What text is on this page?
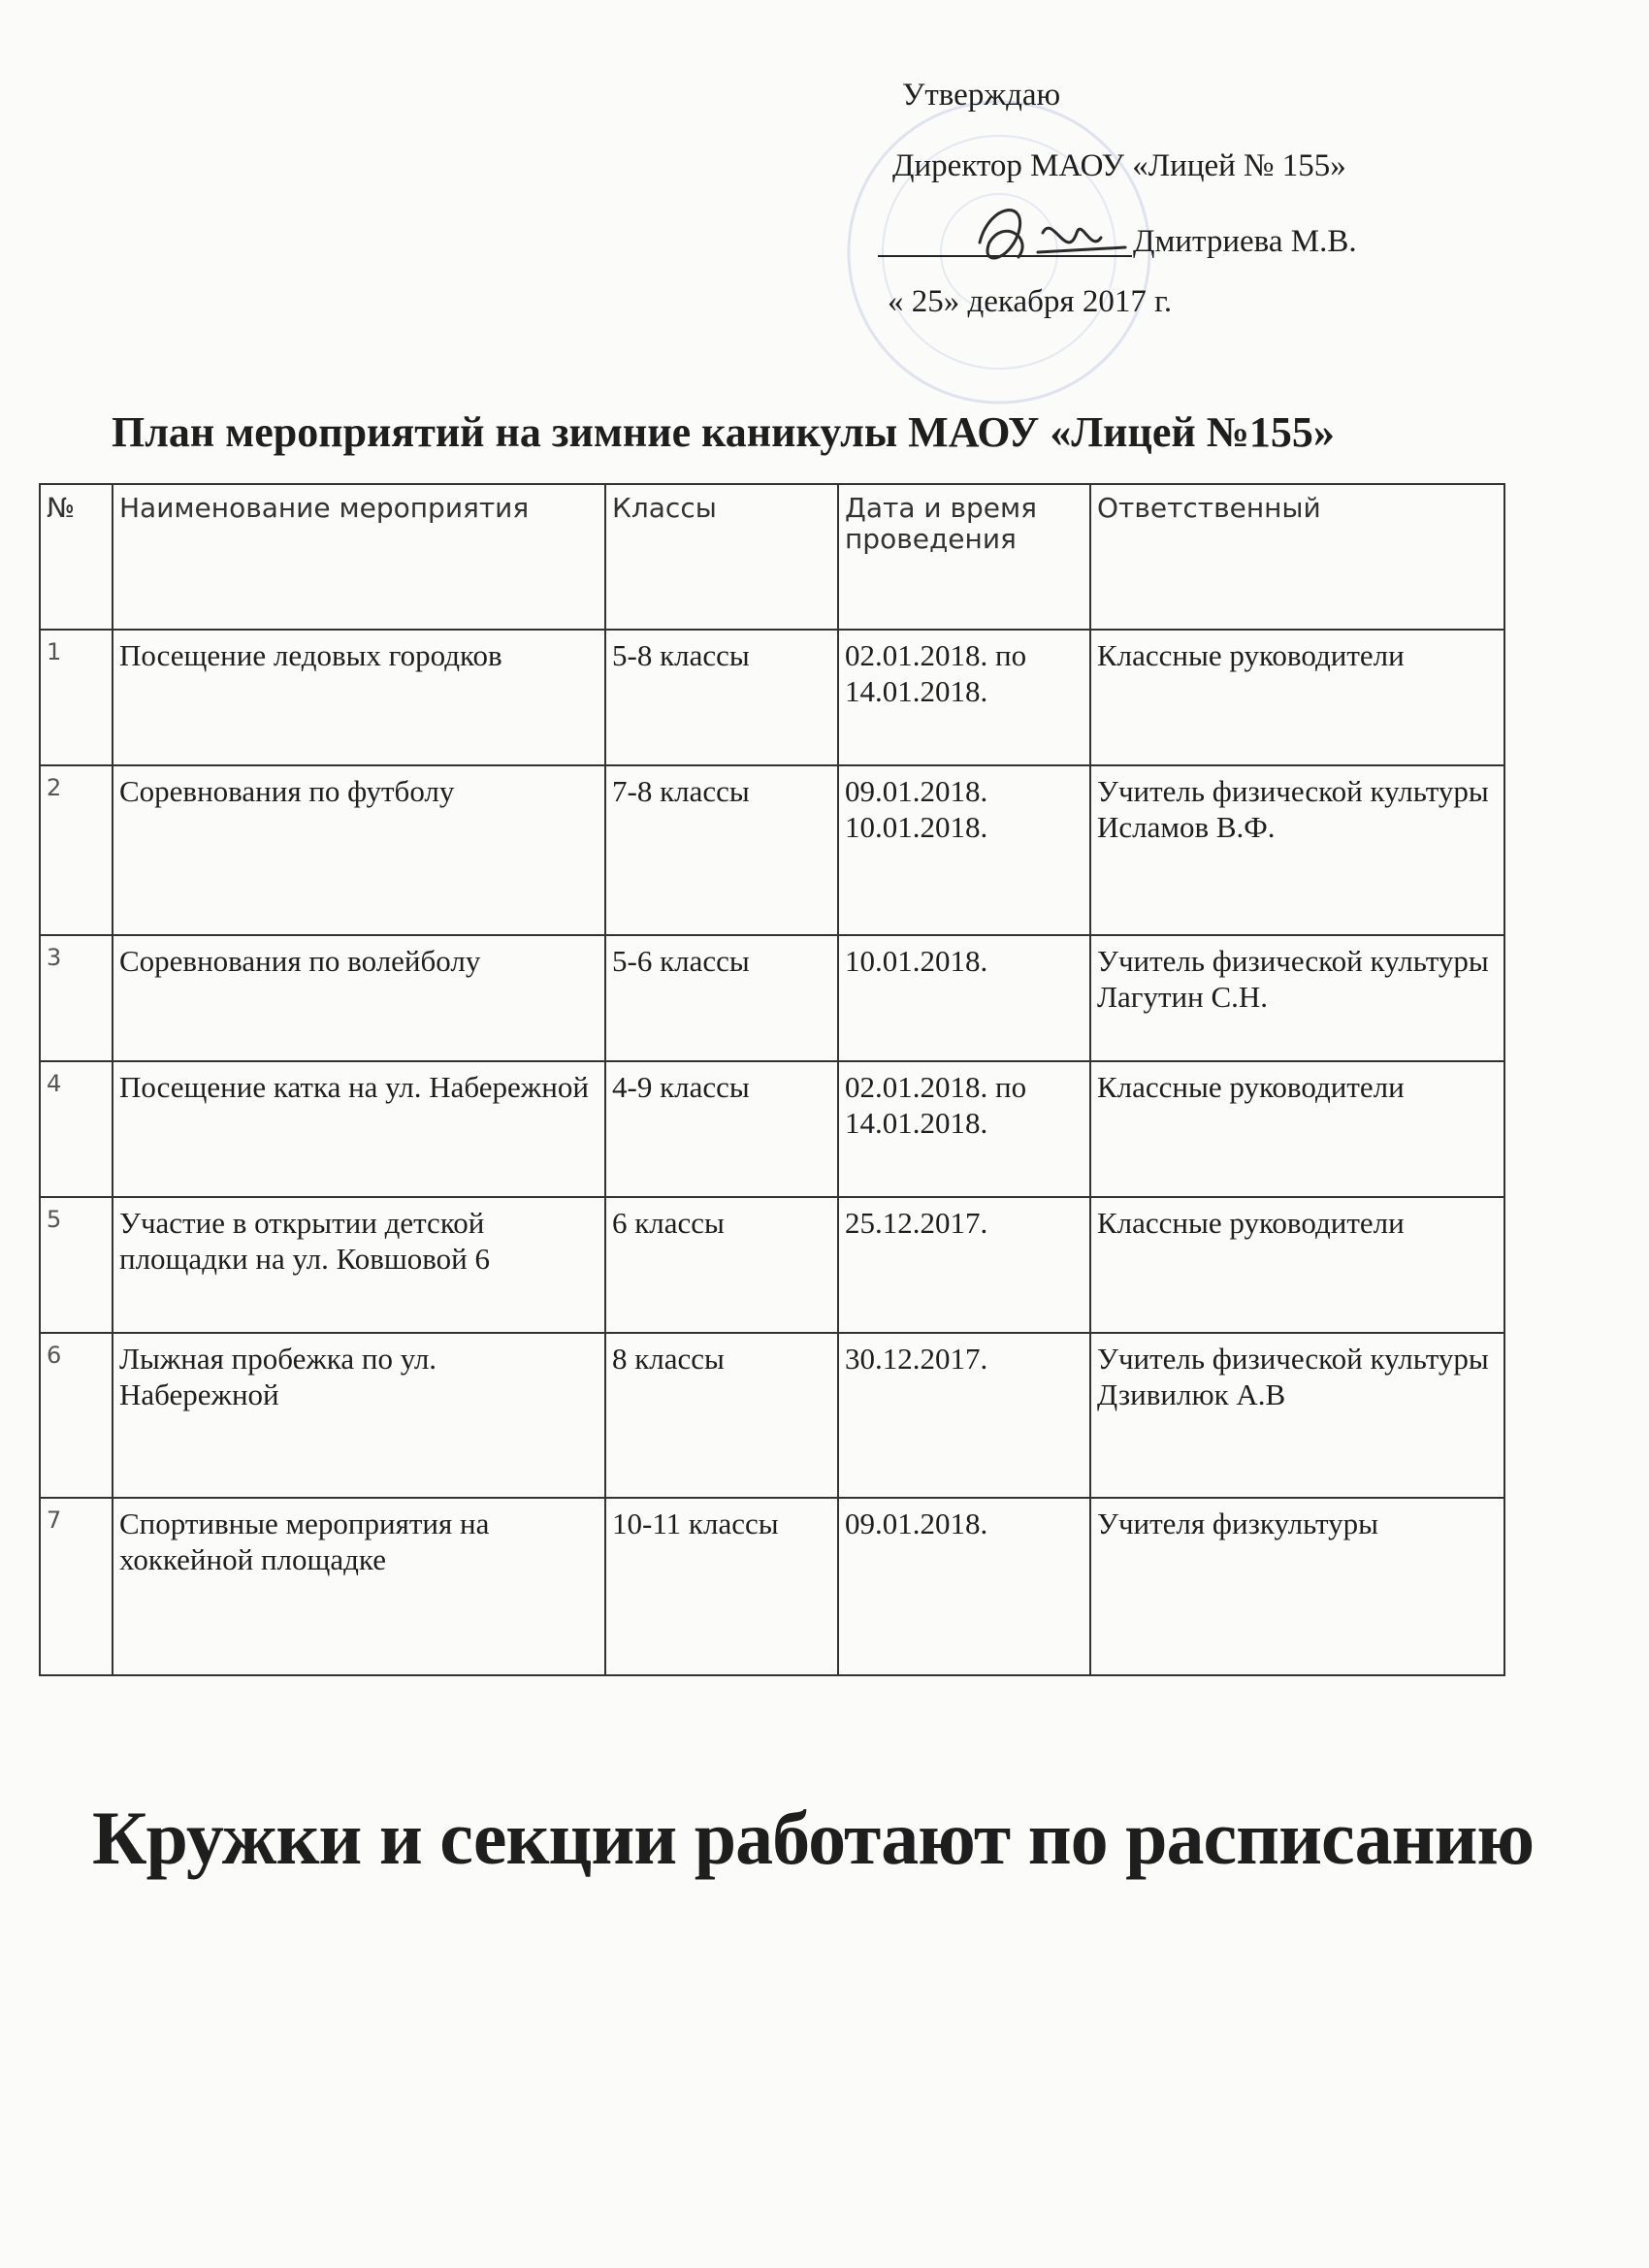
Утверждаю
Директор МАОУ «Лицей № 155»
Дмитриева М.В.
« 25» декабря 2017 г.
План мероприятий на зимние каникулы МАОУ «Лицей №155»
№	Наименование мероприятия	Классы	Дата и время проведения	Ответственный
1	Посещение ледовых городков	5-8 классы	02.01.2018. по 14.01.2018.	Классные руководители
2	Соревнования по футболу	7-8 классы	09.01.2018. 10.01.2018.	Учитель физической культуры Исламов В.Ф.
3	Соревнования по волейболу	5-6 классы	10.01.2018.	Учитель физической культуры Лагутин С.Н.
4	Посещение катка на ул. Набережной	4-9 классы	02.01.2018. по 14.01.2018.	Классные руководители
5	Участие в открытии детской площадки на ул. Ковшовой 6	6 классы	25.12.2017.	Классные руководители
6	Лыжная пробежка по ул. Набережной	8 классы	30.12.2017.	Учитель физической культуры Дзивилюк А.В
7	Спортивные мероприятия на хоккейной площадке	10-11 классы	09.01.2018.	Учителя физкультуры
Кружки и секции работают по расписанию
